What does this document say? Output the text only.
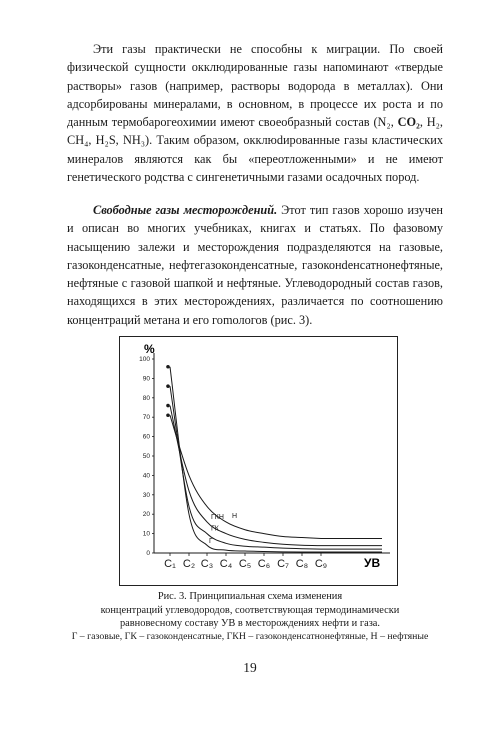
Эти газы практически не способны к миграции. По своей физической сущности окклюдированные газы напоминают «твердые растворы» газов (например, растворы водорода в металлах). Они адсорбированы минералами, в основном, в процессе их роста и по данным термобарогеохимии имеют своеобразный состав (N₂, CO₂, H₂, CH₄, H₂S, NH₃). Таким образом, окклюdированные газы кластических минералов являются как бы «переотложенными» и не имеют генетического родства с сингенетичными газами осадочных пород.

Свободные газы месторождений. Этот тип газов хорошо изучен и описан во многих учебниках, книгах и статьях. По фазовому насыщению залежи и месторождения подразделяются на газовые, газоконденсатные, нефтегазоконденсатные, газоконdенсатнонефтяные, нефтяные с газовой шапкой и нефтяные. Углеводородный состав газов, находящихся в этих месторождениях, различается по соотношению концентраций метана и его гоmологов (рис. 3).

%
УВ
0
10
20
30
40
50
60
70
80
90
100
C₁ C₂ C₃ C₄ C₅ C₆ C₇ C₈ C₉
Г
ГК
ГКН Н
Рис. 3. Принципиальная схема изменения
концентраций углеводородов, соответствующая термодинамически
равновесному составу УВ в месторождениях нефти и газа.

Г – газовые, ГК – газоконденсатные, ГКН – газоконденсатнонефтяные, Н – нефтяные

19
